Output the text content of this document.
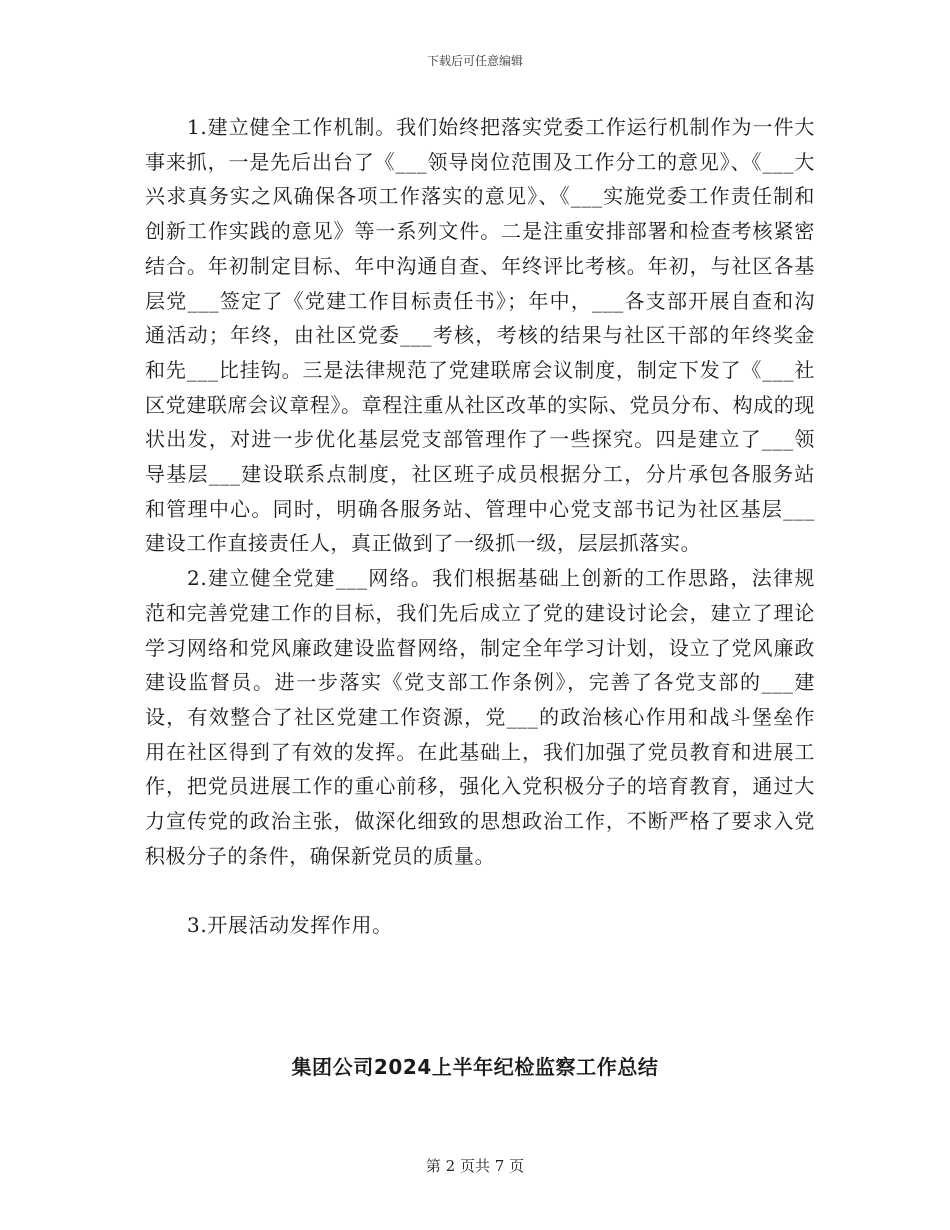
下载后可任意编辑

1.建立健全工作机制。我们始终把落实党委工作运行机制作为一件大事来抓，一是先后出台了《___领导岗位范围及工作分工的意见》、《___大兴求真务实之风确保各项工作落实的意见》、《___实施党委工作责任制和创新工作实践的意见》等一系列文件。二是注重安排部署和检查考核紧密结合。年初制定目标、年中沟通自查、年终评比考核。年初，与社区各基层党___签定了《党建工作目标责任书》；年中，___各支部开展自查和沟通活动；年终，由社区党委___考核，考核的结果与社区干部的年终奖金和先___比挂钩。三是法律规范了党建联席会议制度，制定下发了《___社区党建联席会议章程》。章程注重从社区改革的实际、党员分布、构成的现状出发，对进一步优化基层党支部管理作了一些探究。四是建立了___领导基层___建设联系点制度，社区班子成员根据分工，分片承包各服务站和管理中心。同时，明确各服务站、管理中心党支部书记为社区基层___建设工作直接责任人，真正做到了一级抓一级，层层抓落实。

2.建立健全党建___网络。我们根据基础上创新的工作思路，法律规范和完善党建工作的目标，我们先后成立了党的建设讨论会，建立了理论学习网络和党风廉政建设监督网络，制定全年学习计划，设立了党风廉政建设监督员。进一步落实《党支部工作条例》，完善了各党支部的___建设，有效整合了社区党建工作资源，党___的政治核心作用和战斗堡垒作用在社区得到了有效的发挥。在此基础上，我们加强了党员教育和进展工作，把党员进展工作的重心前移，强化入党积极分子的培育教育，通过大力宣传党的政治主张，做深化细致的思想政治工作，不断严格了要求入党积极分子的条件，确保新党员的质量。

3.开展活动发挥作用。

集团公司2024上半年纪检监察工作总结
第 2 页共 7 页
